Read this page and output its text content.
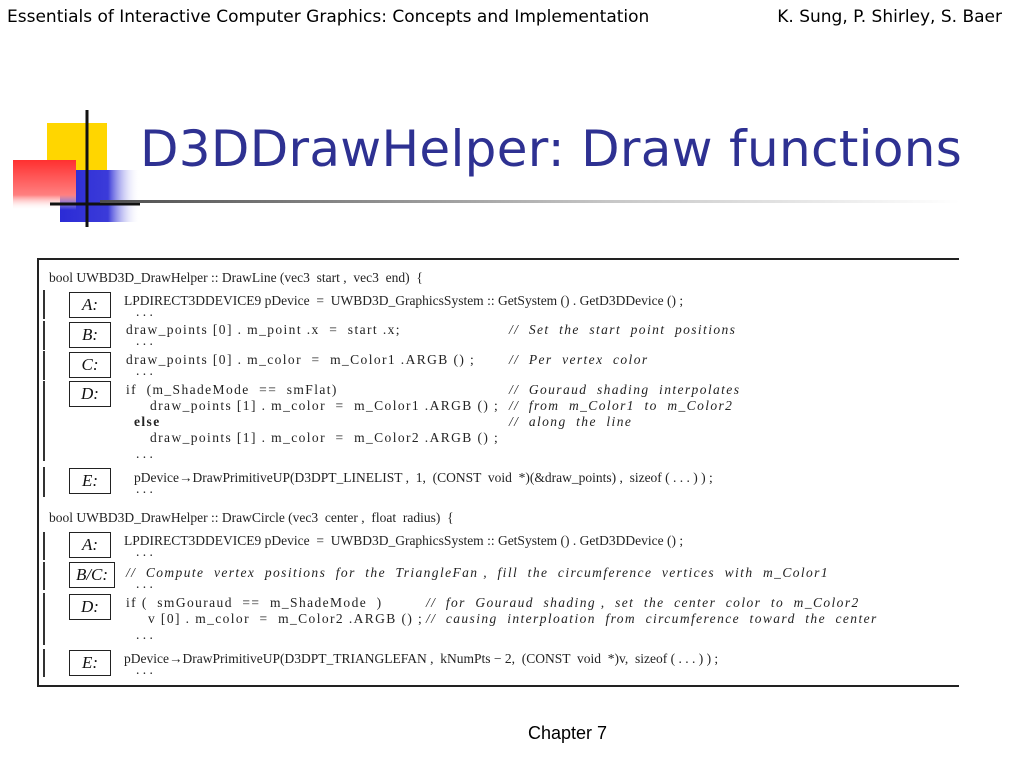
Essentials of Interactive Computer Graphics: Concepts and Implementation	K. Sung, P. Shirley, S. Baer
D3DDrawHelper: Draw functions
bool UWBD3D_DrawHelper :: DrawLine (vec3  start ,  vec3  end)  {
A:	LPDIRECT3DDEVICE9 pDevice  =  UWBD3D_GraphicsSystem :: GetSystem () . GetD3DDevice () ;
. . .
B:	draw_points [0] . m_point .x  =  start .x;	//  Set  the  start  point  positions
. . .
C:	draw_points [0] . m_color  =  m_Color1 .ARGB () ;	//  Per  vertex  color
. . .
D:	if  (m_ShadeMode  ==  smFlat)	//  Gouraud  shading  interpolates
draw_points [1] . m_color  =  m_Color1 .ARGB () ; //  from  m_Color1  to  m_Color2
else	//  along  the  line
draw_points [1] . m_color  =  m_Color2 .ARGB () ;
. . .
E:	pDevice→DrawPrimitiveUP(D3DPT_LINELIST ,  1,  (CONST  void  *)(&draw_points) ,  sizeof ( . . . ) ) ;
. . .
bool UWBD3D_DrawHelper :: DrawCircle (vec3  center ,  float  radius)  {
A:	LPDIRECT3DDEVICE9 pDevice  =  UWBD3D_GraphicsSystem :: GetSystem () . GetD3DDevice () ;
. . .
B/C:	//  Compute  vertex  positions  for  the  TriangleFan ,  fill  the  circumference  vertices  with  m_Color1
. . .
D:	if (  smGouraud  ==  m_ShadeMode  )	//  for  Gouraud  shading ,  set  the  center  color  to  m_Color2
v [0] . m_color  =  m_Color2 .ARGB () ; //  causing  interploation  from  circumference  toward  the  center
. . .
E:	pDevice→DrawPrimitiveUP(D3DPT_TRIANGLEFAN ,  kNumPts − 2,  (CONST  void  *)v,  sizeof ( . . . ) ) ;
. . .
Chapter 7
